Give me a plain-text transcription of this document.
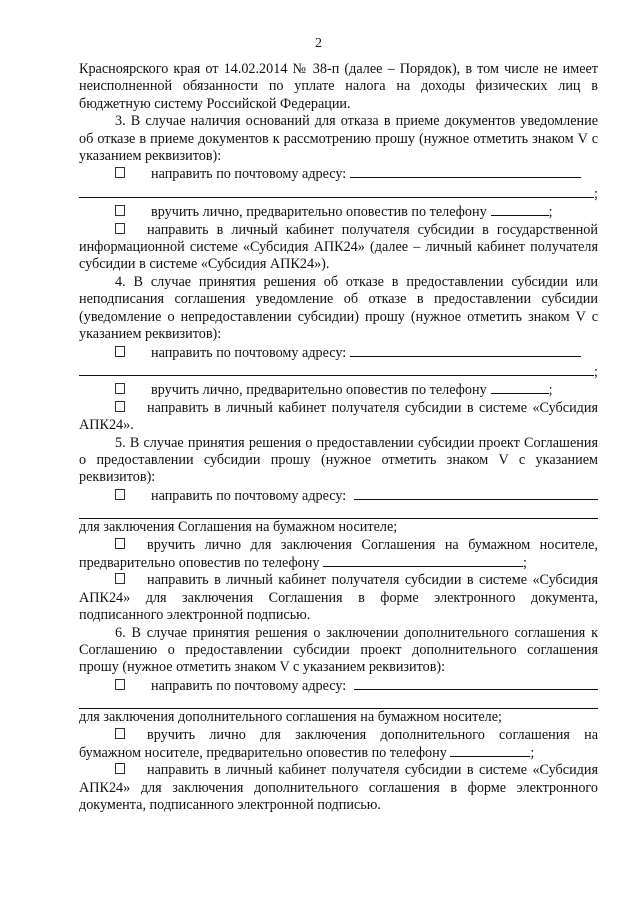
2

Красноярского края от 14.02.2014 № 38-п (далее – Порядок), в том числе не имеет неисполненной обязанности по уплате налога на доходы физических лиц в бюджетную систему Российской Федерации.

3. В случае наличия оснований для отказа в приеме документов уведомление об отказе в приеме документов к рассмотрению прошу (нужное отметить знаком V с указанием реквизитов):

направить по почтовому адресу:
;
вручить лично, предварительно оповестив по телефону	;
направить в личный кабинет получателя субсидии в государственной информационной системе «Субсидия АПК24» (далее – личный кабинет получателя субсидии в системе «Субсидия АПК24»).

4. В случае принятия решения об отказе в предоставлении субсидии или неподписания соглашения уведомление об отказе в предоставлении субсидии (уведомление о непредоставлении субсидии) прошу (нужное отметить знаком V с указанием реквизитов):

направить по почтовому адресу:
;
вручить лично, предварительно оповестив по телефону	;
направить в личный кабинет получателя субсидии в системе «Субсидия АПК24».

5. В случае принятия решения о предоставлении субсидии проект Соглашения о предоставлении субсидии прошу (нужное отметить знаком V с указанием реквизитов):

направить по почтовому адресу:

для заключения Соглашения на бумажном носителе;

вручить лично для заключения Соглашения на бумажном носителе, предварительно оповестив по телефону	;

направить в личный кабинет получателя субсидии в системе «Субсидия АПК24» для заключения Соглашения в форме электронного документа, подписанного электронной подписью.

6. В случае принятия решения о заключении дополнительного соглашения к Соглашению о предоставлении субсидии проект дополнительного соглашения прошу (нужное отметить знаком V с указанием реквизитов):

направить по почтовому адресу:

для заключения дополнительного соглашения на бумажном носителе;

вручить лично для заключения дополнительного соглашения на бумажном носителе, предварительно оповестив по телефону	;

направить в личный кабинет получателя субсидии в системе «Субсидия АПК24» для заключения дополнительного соглашения в форме электронного документа, подписанного электронной подписью.
